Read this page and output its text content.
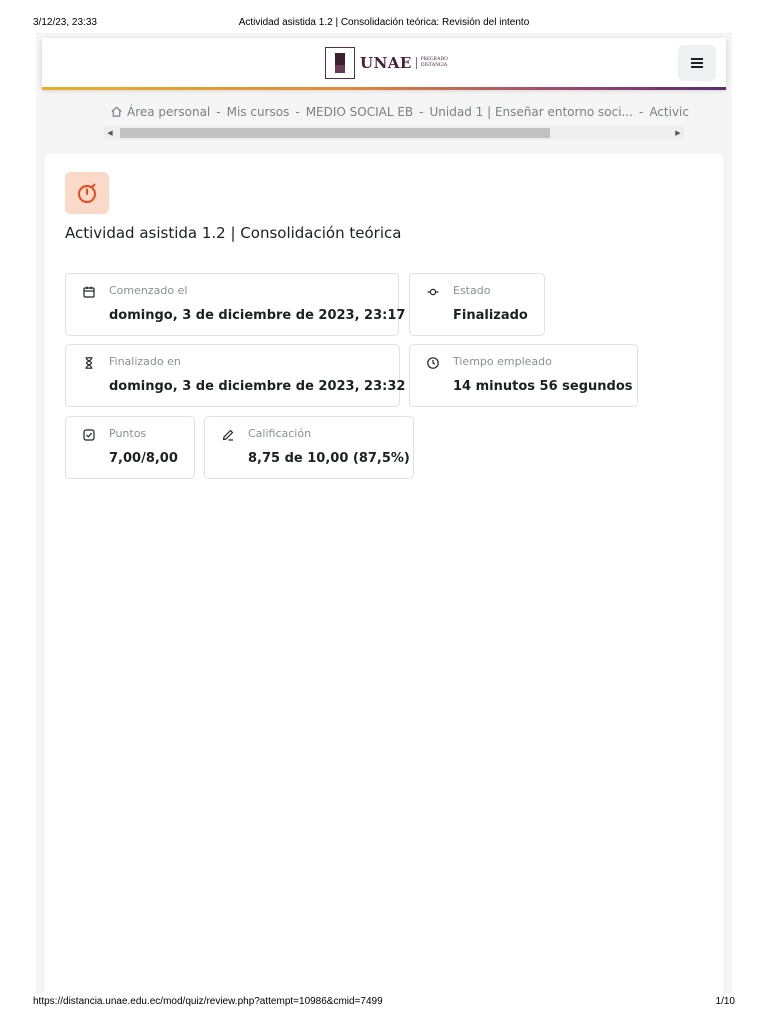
3/12/23, 23:33	Actividad asistida 1.2 | Consolidación teórica: Revisión del intento
UNAE	PREGRADO
DISTANCIA
Área personal - Mis cursos - MEDIO SOCIAL EB - Unidad 1 | Enseñar entorno soci... - Activic
◀	▶
Actividad asistida 1.2 | Consolidación teórica
Comenzado el
domingo, 3 de diciembre de 2023, 23:17
Estado
Finalizado
Finalizado en
domingo, 3 de diciembre de 2023, 23:32
Tiempo empleado
14 minutos 56 segundos
Puntos
7,00/8,00
Calificación
8,75 de 10,00 (87,5%)
https://distancia.unae.edu.ec/mod/quiz/review.php?attempt=10986&cmid=7499	1/10
